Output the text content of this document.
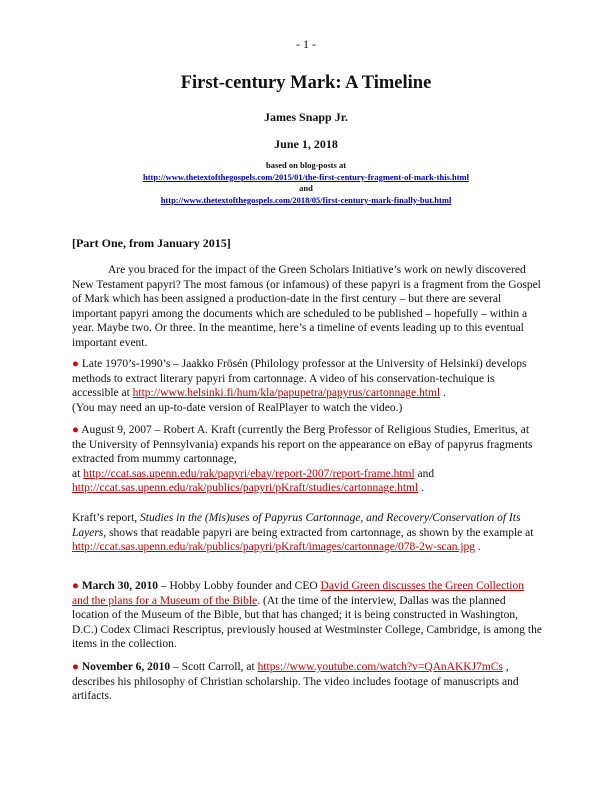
- 1 -
First-century Mark: A Timeline
James Snapp Jr.
June 1, 2018
based on blog-posts at
http://www.thetextofthegospels.com/2015/01/the-first-century-fragment-of-mark-this.html
and
http://www.thetextofthegospels.com/2018/05/first-century-mark-finally-but.html
[Part One, from January 2015]
Are you braced for the impact of the Green Scholars Initiative’s work on newly discovered New Testament papyri? The most famous (or infamous) of these papyri is a fragment from the Gospel of Mark which has been assigned a production-date in the first century – but there are several important papyri among the documents which are scheduled to be published – hopefully – within a year. Maybe two. Or three. In the meantime, here’s a timeline of events leading up to this eventual important event.
● Late 1970’s-1990’s – Jaakko Frösén (Philology professor at the University of Helsinki) develops methods to extract literary papyri from cartonnage. A video of his conservation-techuique is accessible at http://www.helsinki.fi/hum/kla/papupetra/papyrus/cartonnage.html .
(You may need an up-to-date version of RealPlayer to watch the video.)
● August 9, 2007 – Robert A. Kraft (currently the Berg Professor of Religious Studies, Emeritus, at the University of Pennsylvania) expands his report on the appearance on eBay of papyrus fragments extracted from mummy cartonnage,
at http://ccat.sas.upenn.edu/rak/papyri/ebay/report-2007/report-frame.html and
http://ccat.sas.upenn.edu/rak/publics/papyri/pKraft/studies/cartonnage.html .
Kraft’s report, Studies in the (Mis)uses of Papyrus Cartonnage, and Recovery/Conservation of Its Layers, shows that readable papyri are being extracted from cartonnage, as shown by the example at http://ccat.sas.upenn.edu/rak/publics/papyri/pKraft/images/cartonnage/078-2w-scan.jpg .
● March 30, 2010 – Hobby Lobby founder and CEO David Green discusses the Green Collection and the plans for a Museum of the Bible. (At the time of the interview, Dallas was the planned location of the Museum of the Bible, but that has changed; it is being constructed in Washington, D.C.) Codex Climaci Rescriptus, previously housed at Westminster College, Cambridge, is among the items in the collection.
● November 6, 2010 – Scott Carroll, at https://www.youtube.com/watch?v=QAnAKKJ7mCs , describes his philosophy of Christian scholarship. The video includes footage of manuscripts and artifacts.
